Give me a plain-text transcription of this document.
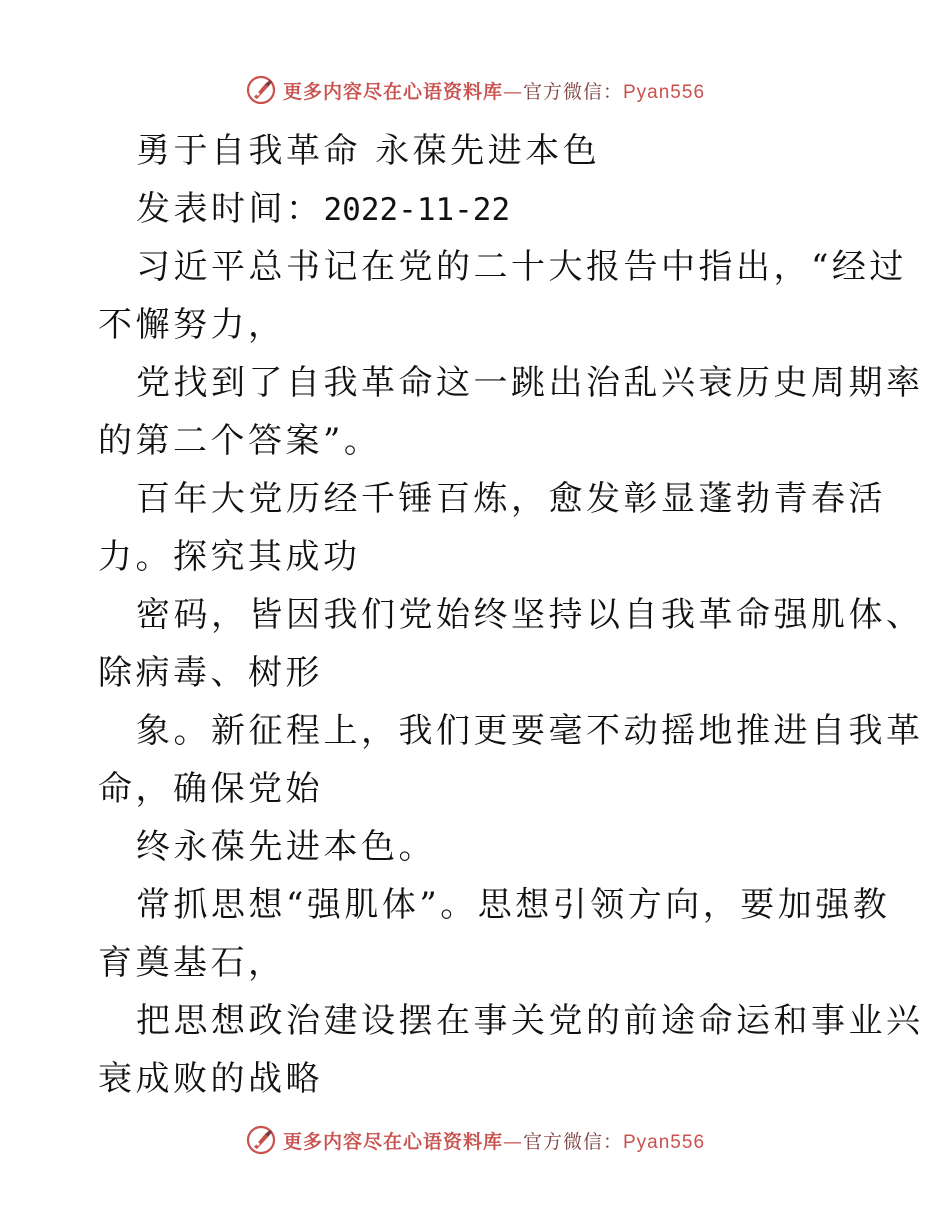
更多内容尽在心语资料库—官方微信：Pyan556
勇于自我革命 永葆先进本色
发表时间：2022-11-22
习近平总书记在党的二十大报告中指出，“经过
不懈努力，
党找到了自我革命这一跳出治乱兴衰历史周期率
的第二个答案”。
百年大党历经千锤百炼，愈发彰显蓬勃青春活
力。探究其成功
密码，皆因我们党始终坚持以自我革命强肌体、
除病毒、树形
象。新征程上，我们更要毫不动摇地推进自我革
命，确保党始
终永葆先进本色。
常抓思想“强肌体”。思想引领方向，要加强教
育奠基石，
把思想政治建设摆在事关党的前途命运和事业兴
衰成败的战略
更多内容尽在心语资料库—官方微信：Pyan556
